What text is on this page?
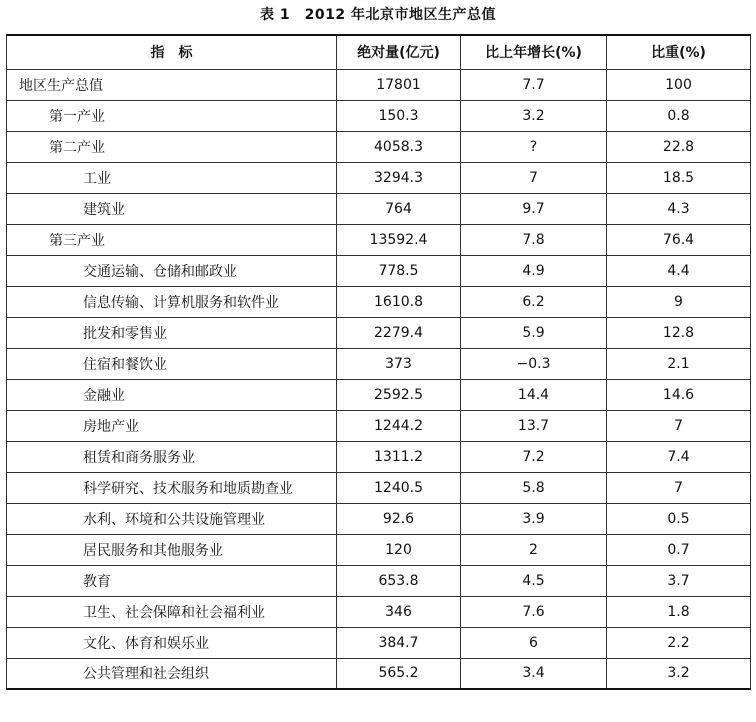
表 1　2012 年北京市地区生产总值
指　标	绝对量(亿元)	比上年增长(%)	比重(%)
地区生产总值	17801	7.7	100
第一产业	150.3	3.2	0.8
第二产业	4058.3	?	22.8
工业	3294.3	7	18.5
建筑业	764	9.7	4.3
第三产业	13592.4	7.8	76.4
交通运输、仓储和邮政业	778.5	4.9	4.4
信息传输、计算机服务和软件业	1610.8	6.2	9
批发和零售业	2279.4	5.9	12.8
住宿和餐饮业	373	−0.3	2.1
金融业	2592.5	14.4	14.6
房地产业	1244.2	13.7	7
租赁和商务服务业	1311.2	7.2	7.4
科学研究、技术服务和地质勘查业	1240.5	5.8	7
水利、环境和公共设施管理业	92.6	3.9	0.5
居民服务和其他服务业	120	2	0.7
教育	653.8	4.5	3.7
卫生、社会保障和社会福利业	346	7.6	1.8
文化、体育和娱乐业	384.7	6	2.2
公共管理和社会组织	565.2	3.4	3.2
